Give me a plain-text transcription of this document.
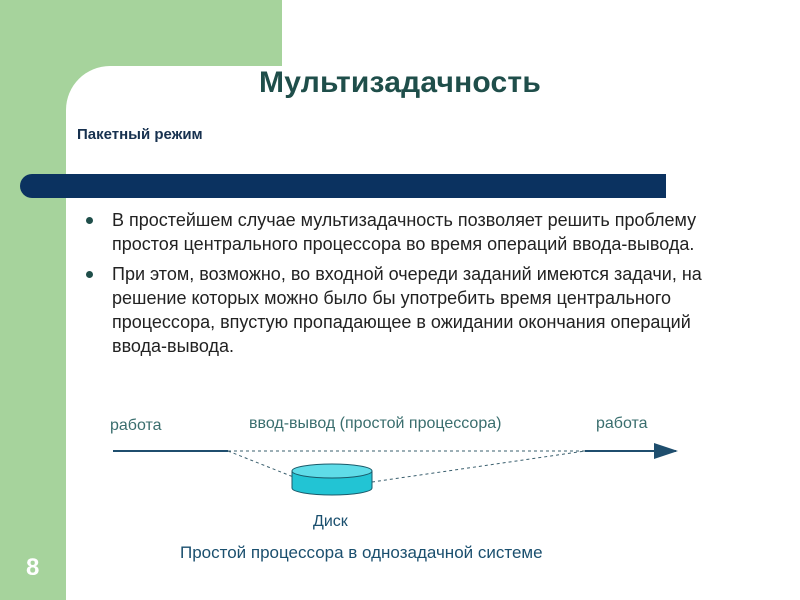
Мультизадачность
Пакетный режим
В простейшем случае мультизадачность позволяет решить проблему простоя центрального процессора во время операций ввода-вывода.
При этом, возможно, во входной очереди заданий имеются задачи, на решение которых можно было бы употребить время центрального процессора, впустую пропадающее в ожидании окончания операций ввода-вывода.
работа	ввод-вывод (простой процессора)	работа
Диск
Простой процессора в однозадачной системе
8
